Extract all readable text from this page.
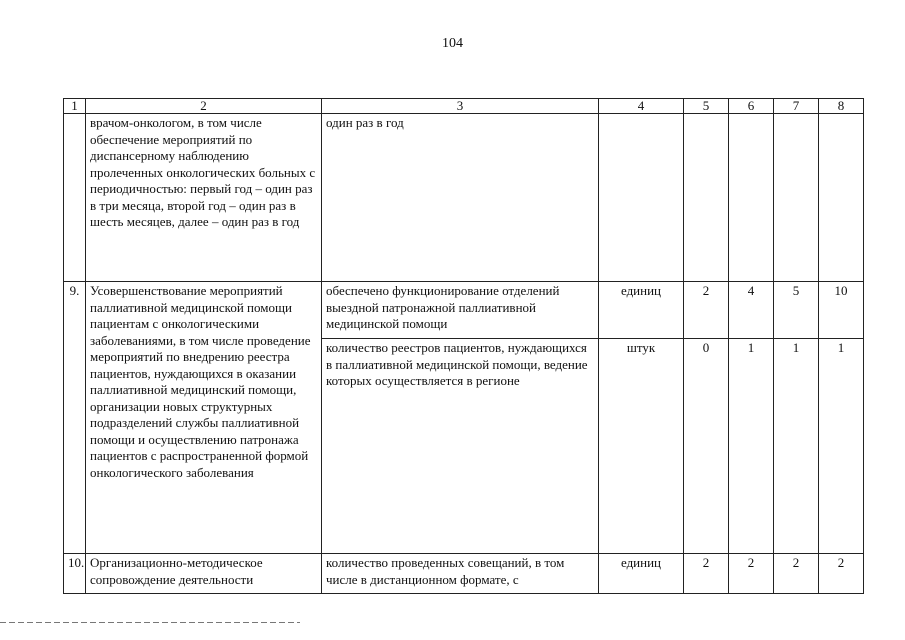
104
1	2	3	4	5	6	7	8
	врачом-онкологом, в том числе обеспечение мероприятий по диспансерному наблюдению пролеченных онкологических больных с периодичностью: первый год – один раз в три месяца, второй год – один раз в шесть месяцев, далее – один раз в год	один раз в год					
9.	Усовершенствование мероприятий паллиативной медицинской помощи пациентам с онкологическими заболеваниями, в том числе проведение мероприятий по внедрению реестра пациентов, нуждающихся в оказании паллиативной медицинский помощи, организации новых структурных подразделений службы паллиативной помощи и осуществлению патронажа пациентов с распространенной формой онкологического заболевания	обеспечено функционирование отделений выездной патронажной паллиативной медицинской помощи	единиц	2	4	5	10
		количество реестров пациентов, нуждающихся в паллиативной медицинской помощи, ведение которых осуществляется в регионе	штук	0	1	1	1
10.	Организационно-методическое сопровождение деятельности	количество проведенных совещаний, в том числе в дистанционном формате, с	единиц	2	2	2	2
